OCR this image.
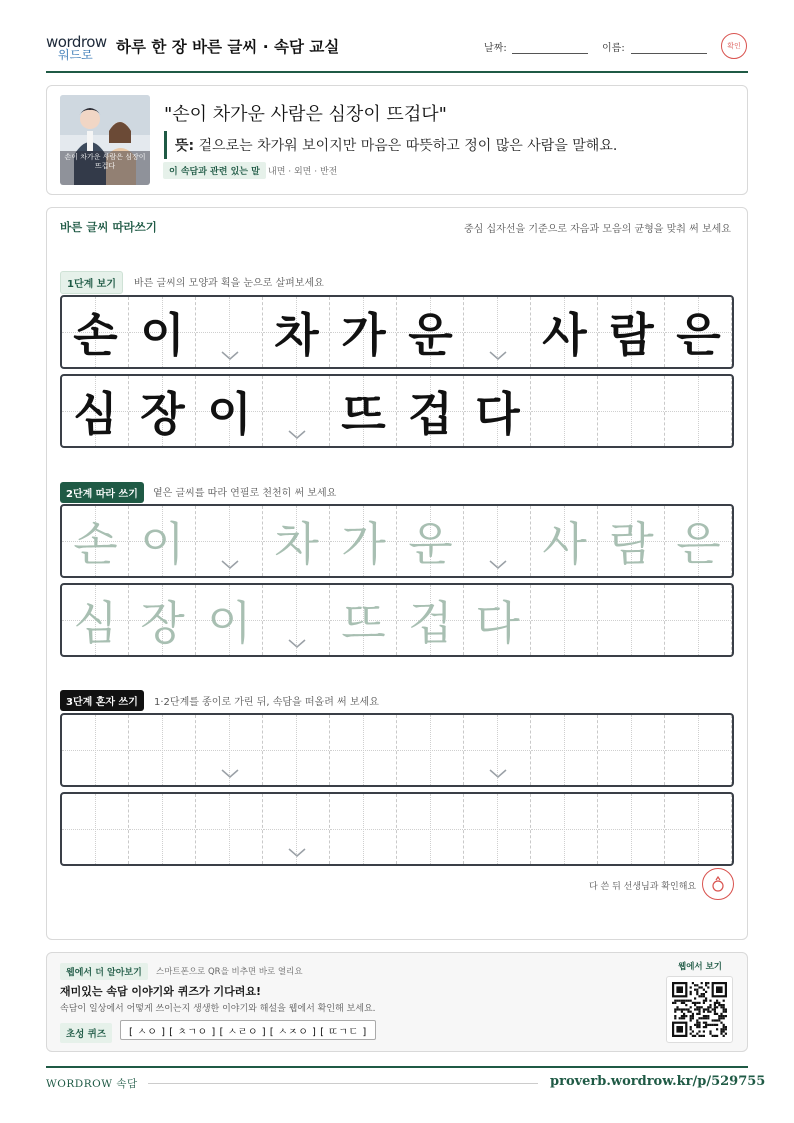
wordrow
워드로 하루 한 장 바른 글씨 · 속담 교실	날짜:	이름:	확인
손이 차가운 사람은 심장이 뜨겁다
"손이 차가운 사람은 심장이 뜨겁다"
뜻: 겉으로는 차가워 보이지만 마음은 따뜻하고 정이 많은 사람을 말해요.
이 속담과 관련 있는 말 내면 · 외면 · 반전
바른 글씨 따라쓰기	중심 십자선을 기준으로 자음과 모음의 균형을 맞춰 써 보세요
1단계 보기	바른 글씨의 모양과 획을 눈으로 살펴보세요
손 이 차 가 운 사 람 은
심 장 이 뜨 겁 다
2단계 따라 쓰기	옅은 글씨를 따라 연필로 천천히 써 보세요
손 이 차 가 운 사 람 은
심 장 이 뜨 겁 다
3단계 혼자 쓰기	1·2단계를 종이로 가린 뒤, 속담을 떠올려 써 보세요
다 쓴 뒤 선생님과 확인해요
웹에서 더 알아보기	스마트폰으로 QR을 비추면 바로 열리요
재미있는 속담 이야기와 퀴즈가 기다려요!
속담이 일상에서 어떻게 쓰이는지 생생한 이야기와 해설을 웹에서 확인해 보세요.
초성 퀴즈	[ ㅅㅇ ] [ ㅊㄱㅇ ] [ ㅅㄹㅇ ] [ ㅅㅈㅇ ] [ ㄸㄱㄷ ]
웹에서 보기
WORDROW 속담	proverb.wordrow.kr/p/529755
